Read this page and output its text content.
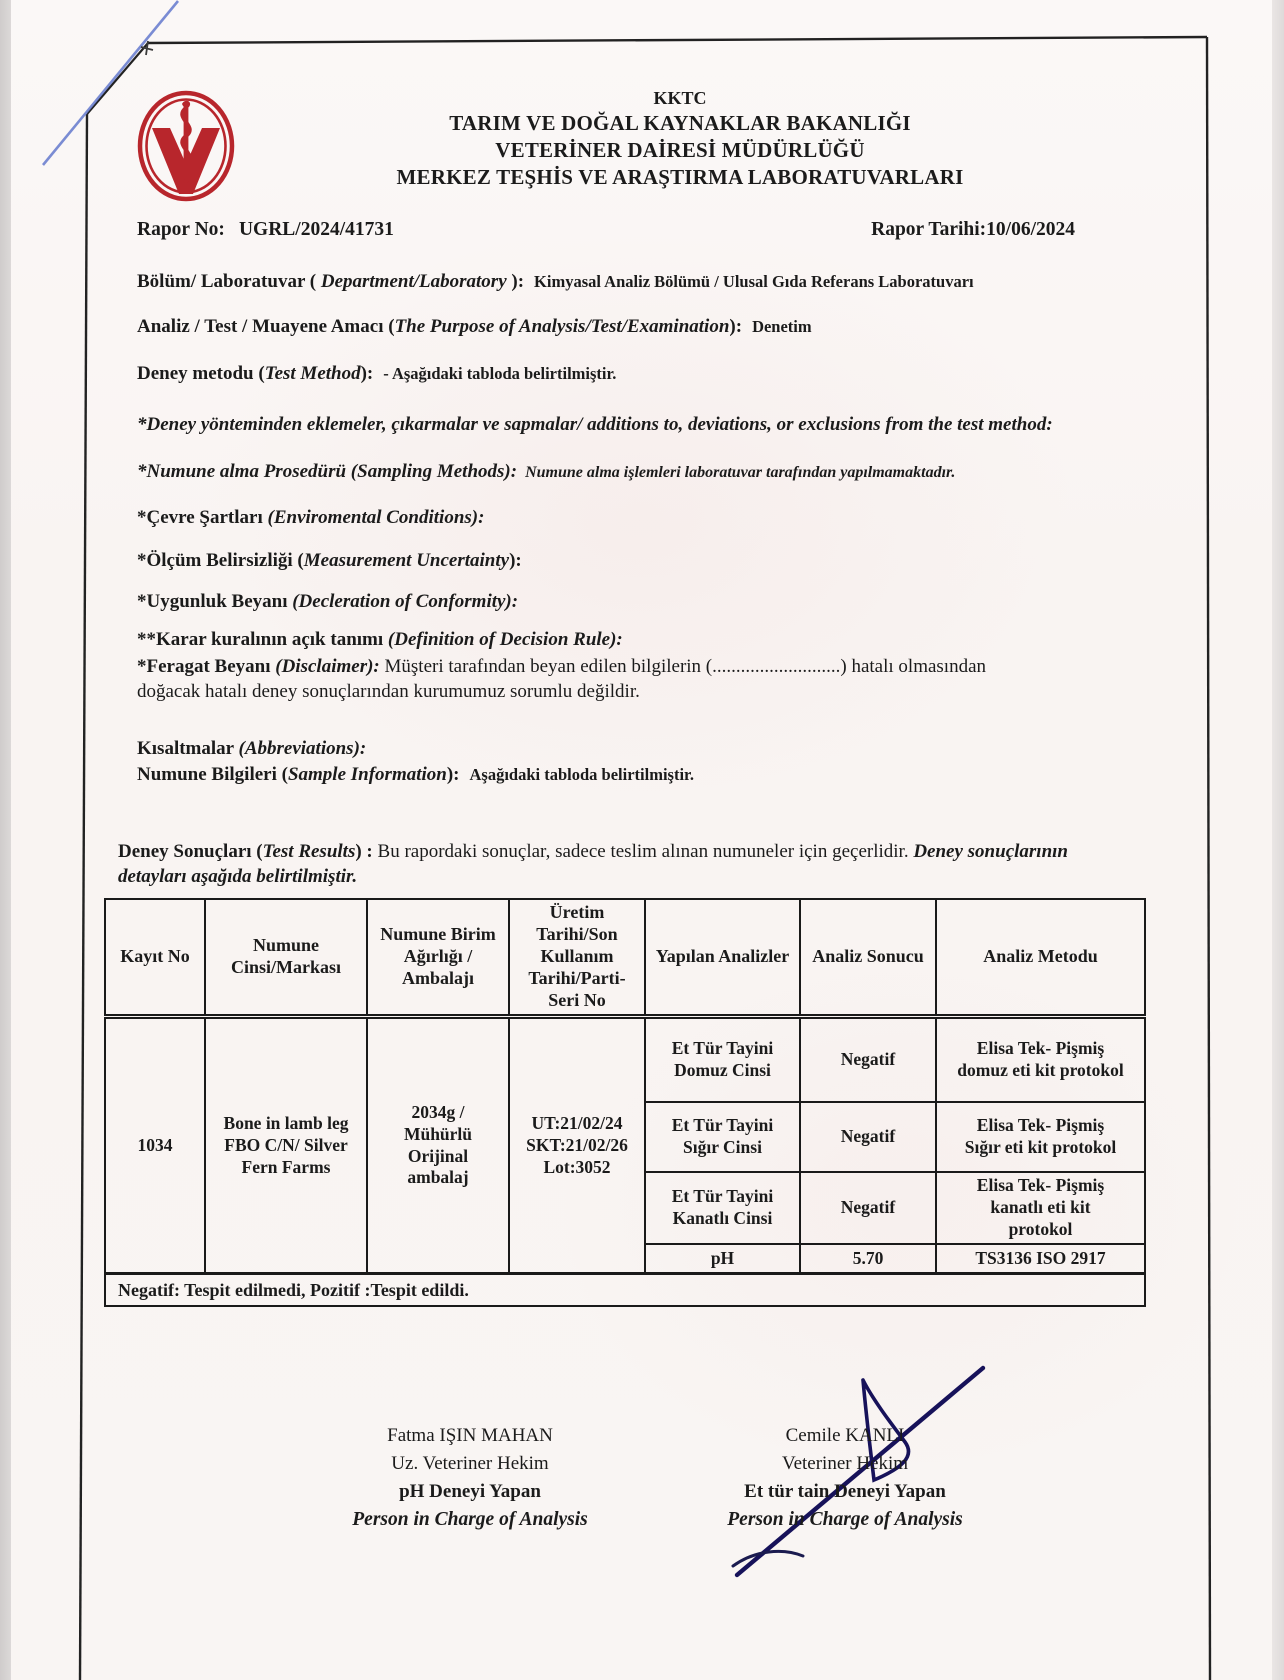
KKTC
TARIM VE DOĞAL KAYNAKLAR BAKANLIĞI
VETERİNER DAİRESİ MÜDÜRLÜĞÜ
MERKEZ TEŞHİS VE ARAŞTIRMA LABORATUVARLARI
Rapor No: UGRL/2024/41731	Rapor Tarihi:10/06/2024
Bölüm/ Laboratuvar ( Department/Laboratory ): Kimyasal Analiz Bölümü / Ulusal Gıda Referans Laboratuvarı
Analiz / Test / Muayene Amacı (The Purpose of Analysis/Test/Examination): Denetim
Deney metodu (Test Method): - Aşağıdaki tabloda belirtilmiştir.
*Deney yönteminden eklemeler, çıkarmalar ve sapmalar/ additions to, deviations, or exclusions from the test method:
*Numune alma Prosedürü (Sampling Methods): Numune alma işlemleri laboratuvar tarafından yapılmamaktadır.
*Çevre Şartları (Enviromental Conditions):
*Ölçüm Belirsizliği (Measurement Uncertainty):
*Uygunluk Beyanı (Decleration of Conformity):
**Karar kuralının açık tanımı (Definition of Decision Rule):
*Feragat Beyanı (Disclaimer): Müşteri tarafından beyan edilen bilgilerin (...........................) hatalı olmasından doğacak hatalı deney sonuçlarından kurumumuz sorumlu değildir.
Kısaltmalar (Abbreviations):
Numune Bilgileri (Sample Information): Aşağıdaki tabloda belirtilmiştir.
Deney Sonuçları (Test Results) : Bu rapordaki sonuçlar, sadece teslim alınan numuneler için geçerlidir. Deney sonuçlarının detayları aşağıda belirtilmiştir.
Kayıt No	Numune Cinsi/Markası	Numune Birim Ağırlığı / Ambalajı	Üretim Tarihi/Son Kullanım Tarihi/Parti-Seri No	Yapılan Analizler	Analiz Sonucu	Analiz Metodu
1034	Bone in lamb leg FBO C/N/ Silver Fern Farms	2034g / Mühürlü Orijinal ambalaj	UT:21/02/24 SKT:21/02/26 Lot:3052	Et Tür Tayini Domuz Cinsi	Negatif	Elisa Tek- Pişmiş domuz eti kit protokol
				Et Tür Tayini Sığır Cinsi	Negatif	Elisa Tek- Pişmiş Sığır eti kit protokol
				Et Tür Tayini Kanatlı Cinsi	Negatif	Elisa Tek- Pişmiş kanatlı eti kit protokol
				pH	5.70	TS3136 ISO 2917
Negatif: Tespit edilmedi, Pozitif :Tespit edildi.						
Fatma IŞIN MAHAN
Uz. Veteriner Hekim
pH Deneyi Yapan
Person in Charge of Analysis
Cemile KANLI
Veteriner Hekim
Et tür tain Deneyi Yapan
Person in Charge of Analysis
